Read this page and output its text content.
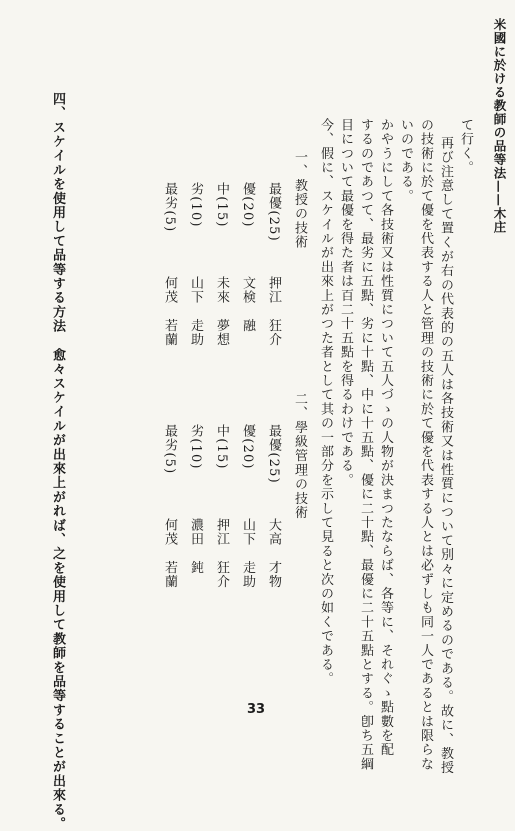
米國に於ける教師の品等法——木庄
て行く。
再び注意して置くが右の代表的の五人は各技術又は性質について別々に定めるのである。故に、教授
の技術に於て優を代表する人と管理の技術に於て優を代表する人とは必ずしも同一人であるとは限らな
いのである。
かやうにして各技術又は性質について五人づゝの人物が決まつたならば、各等に、それぐゝ點數を配
するのであつて、最劣に五點、劣に十點、中に十五點、優に二十點、最優に二十五點とする。卽ち五綱
目について最優を得た者は百二十五點を得るわけである。
今、假に、スケイルが出來上がつた者として其の一部分を示して見ると次の如くである。
一、教授の技術
最優(25)
押江　狂介
優(20)
文検　融
中(15)
未來　夢想
劣(10)
山下　走助
最劣(5)
何茂　若蘭
二、學級管理の技術
最優(25)
大高　才物
優(20)
山下　走助
中(15)
押江　狂介
劣(10)
濃田　鈍
最劣(5)
何茂　若蘭
四、スケイルを使用して品等する方法
愈々スケイルが出來上がれば、之を使用して教師を品等することが出來る。	33
